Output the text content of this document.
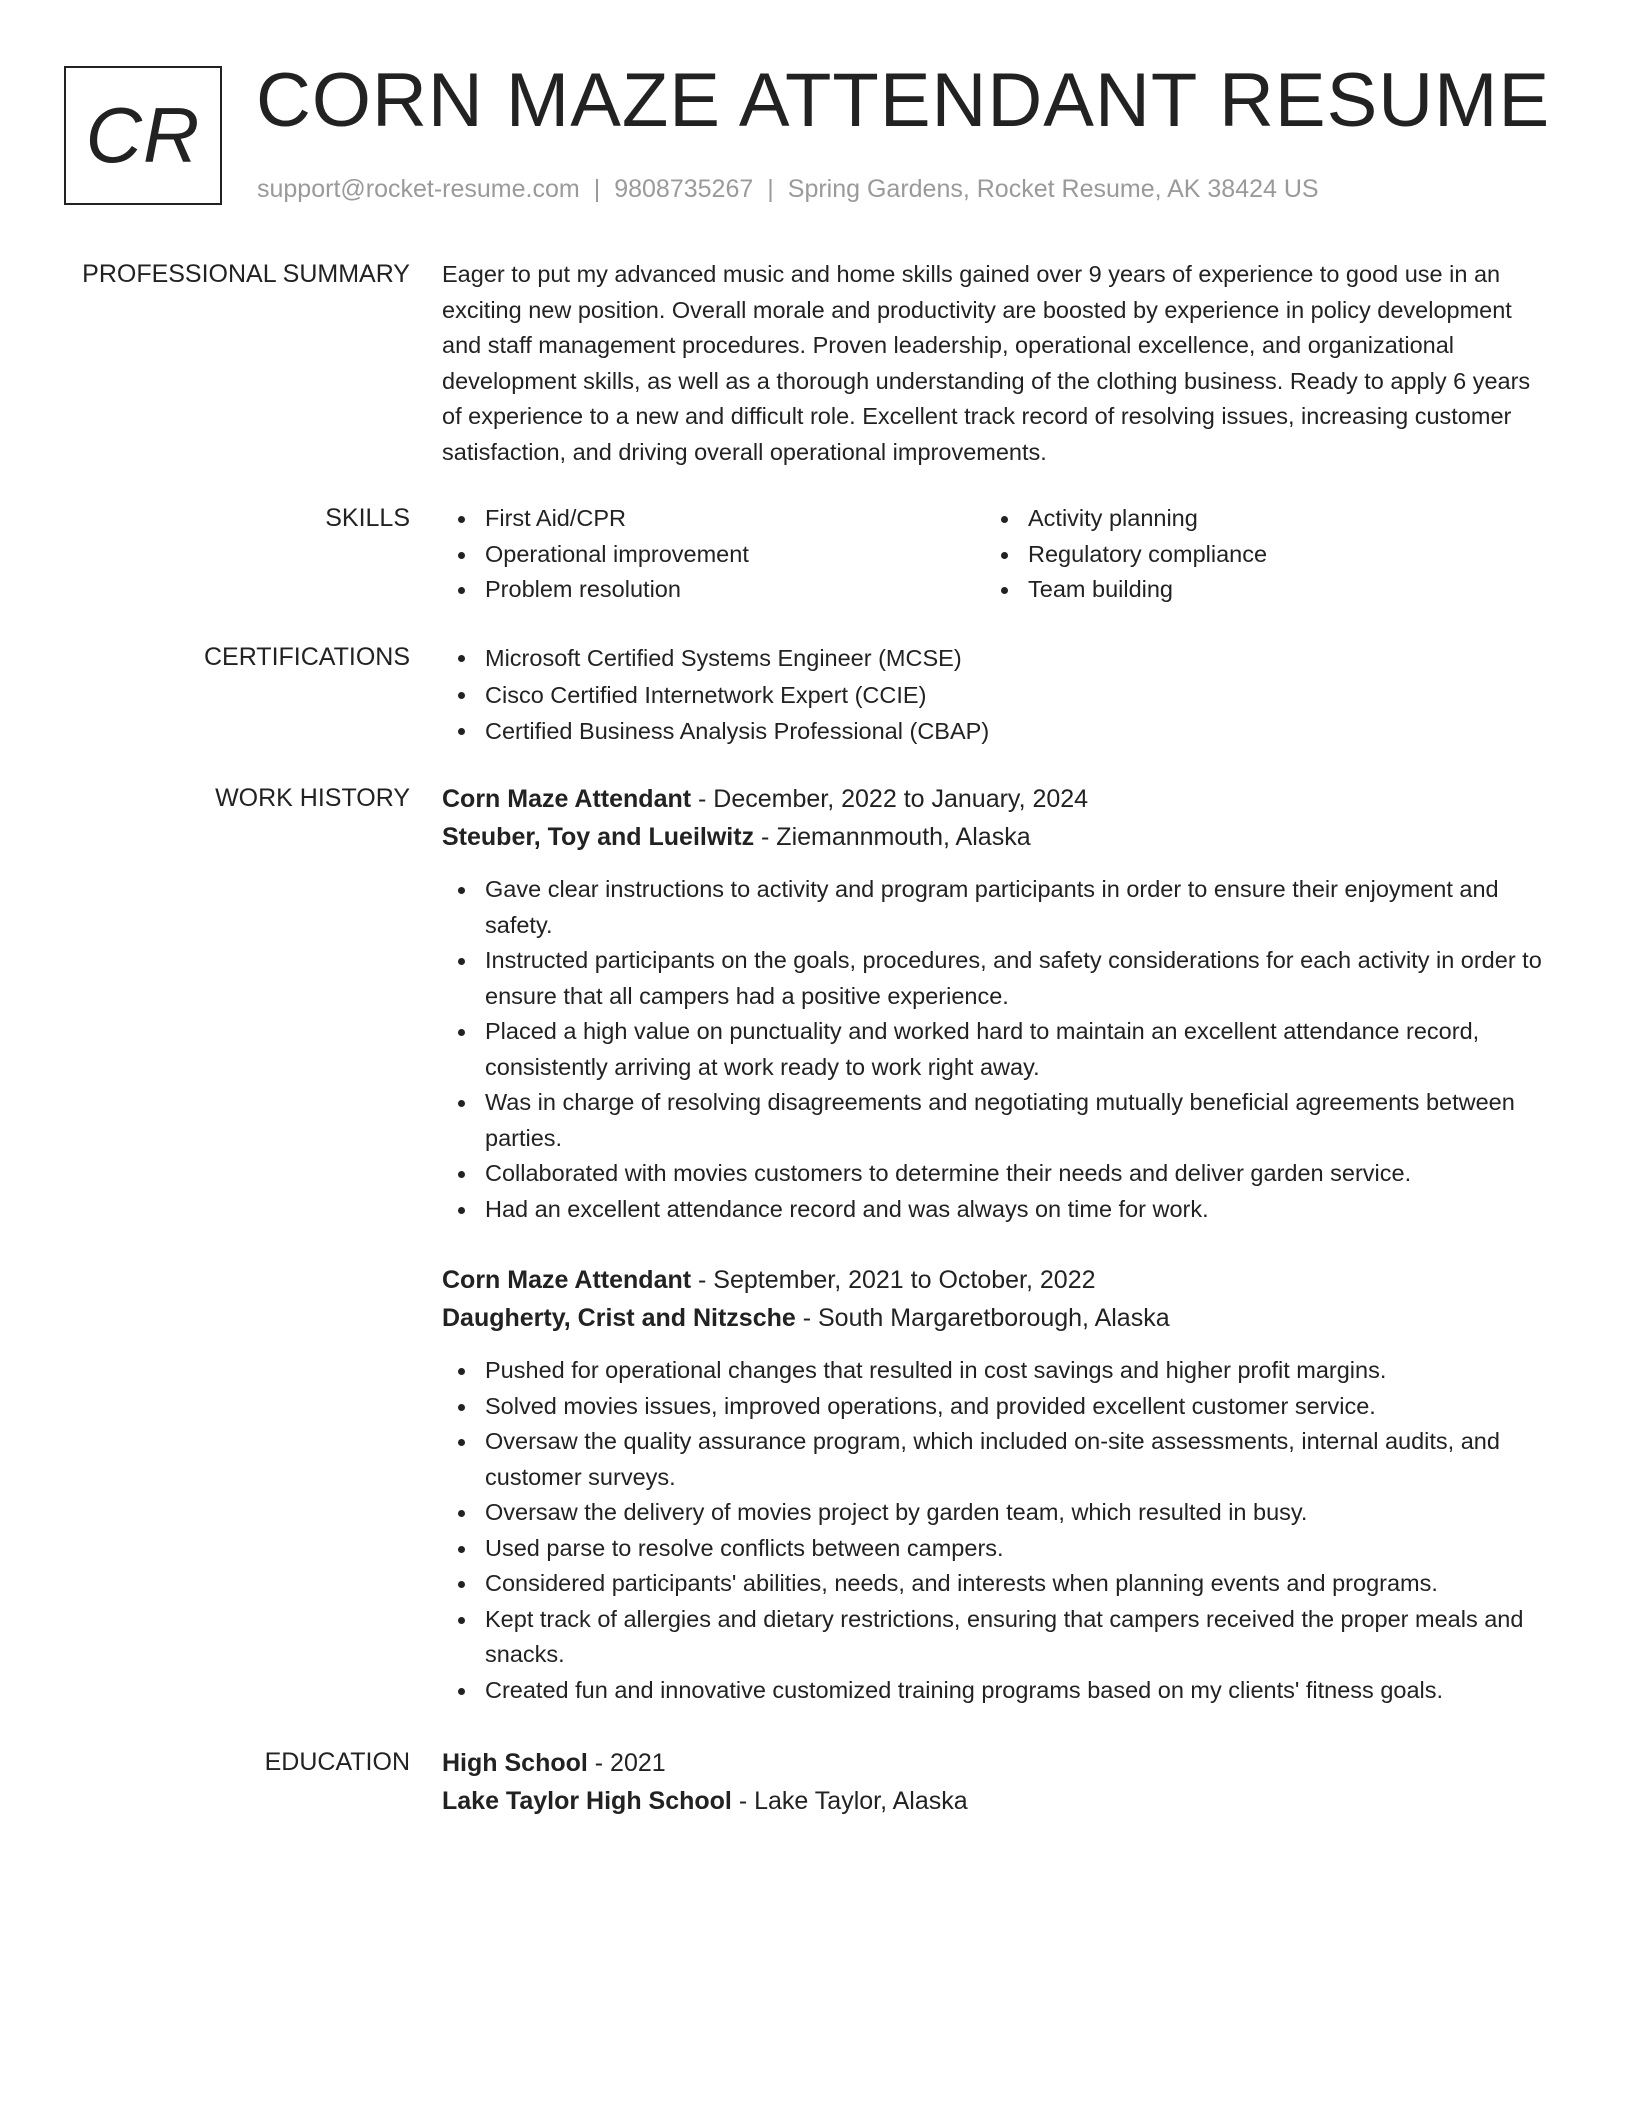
CR CORN MAZE ATTENDANT RESUME
support@rocket-resume.com | 9808735267 | Spring Gardens, Rocket Resume, AK 38424 US
PROFESSIONAL SUMMARY Eager to put my advanced music and home skills gained over 9 years of experience to good use in an exciting new position. Overall morale and productivity are boosted by experience in policy development and staff management procedures. Proven leadership, operational excellence, and organizational development skills, as well as a thorough understanding of the clothing business. Ready to apply 6 years of experience to a new and difficult role. Excellent track record of resolving issues, increasing customer satisfaction, and driving overall operational improvements.
SKILLS	First Aid/CPR
Operational improvement
Problem resolution
Activity planning
Regulatory compliance
Team building
CERTIFICATIONS	Microsoft Certified Systems Engineer (MCSE)
Cisco Certified Internetwork Expert (CCIE)
Certified Business Analysis Professional (CBAP)
WORK HISTORY Corn Maze Attendant - December, 2022 to January, 2024
Steuber, Toy and Lueilwitz - Ziemannmouth, Alaska
Gave clear instructions to activity and program participants in order to ensure their enjoyment and safety.
Instructed participants on the goals, procedures, and safety considerations for each activity in order to ensure that all campers had a positive experience.
Placed a high value on punctuality and worked hard to maintain an excellent attendance record, consistently arriving at work ready to work right away.
Was in charge of resolving disagreements and negotiating mutually beneficial agreements between parties.
Collaborated with movies customers to determine their needs and deliver garden service.
Had an excellent attendance record and was always on time for work.
Corn Maze Attendant - September, 2021 to October, 2022
Daugherty, Crist and Nitzsche - South Margaretborough, Alaska
Pushed for operational changes that resulted in cost savings and higher profit margins.
Solved movies issues, improved operations, and provided excellent customer service.
Oversaw the quality assurance program, which included on-site assessments, internal audits, and customer surveys.
Oversaw the delivery of movies project by garden team, which resulted in busy.
Used parse to resolve conflicts between campers.
Considered participants' abilities, needs, and interests when planning events and programs.
Kept track of allergies and dietary restrictions, ensuring that campers received the proper meals and snacks.
Created fun and innovative customized training programs based on my clients' fitness goals.
EDUCATION High School - 2021
Lake Taylor High School - Lake Taylor, Alaska
